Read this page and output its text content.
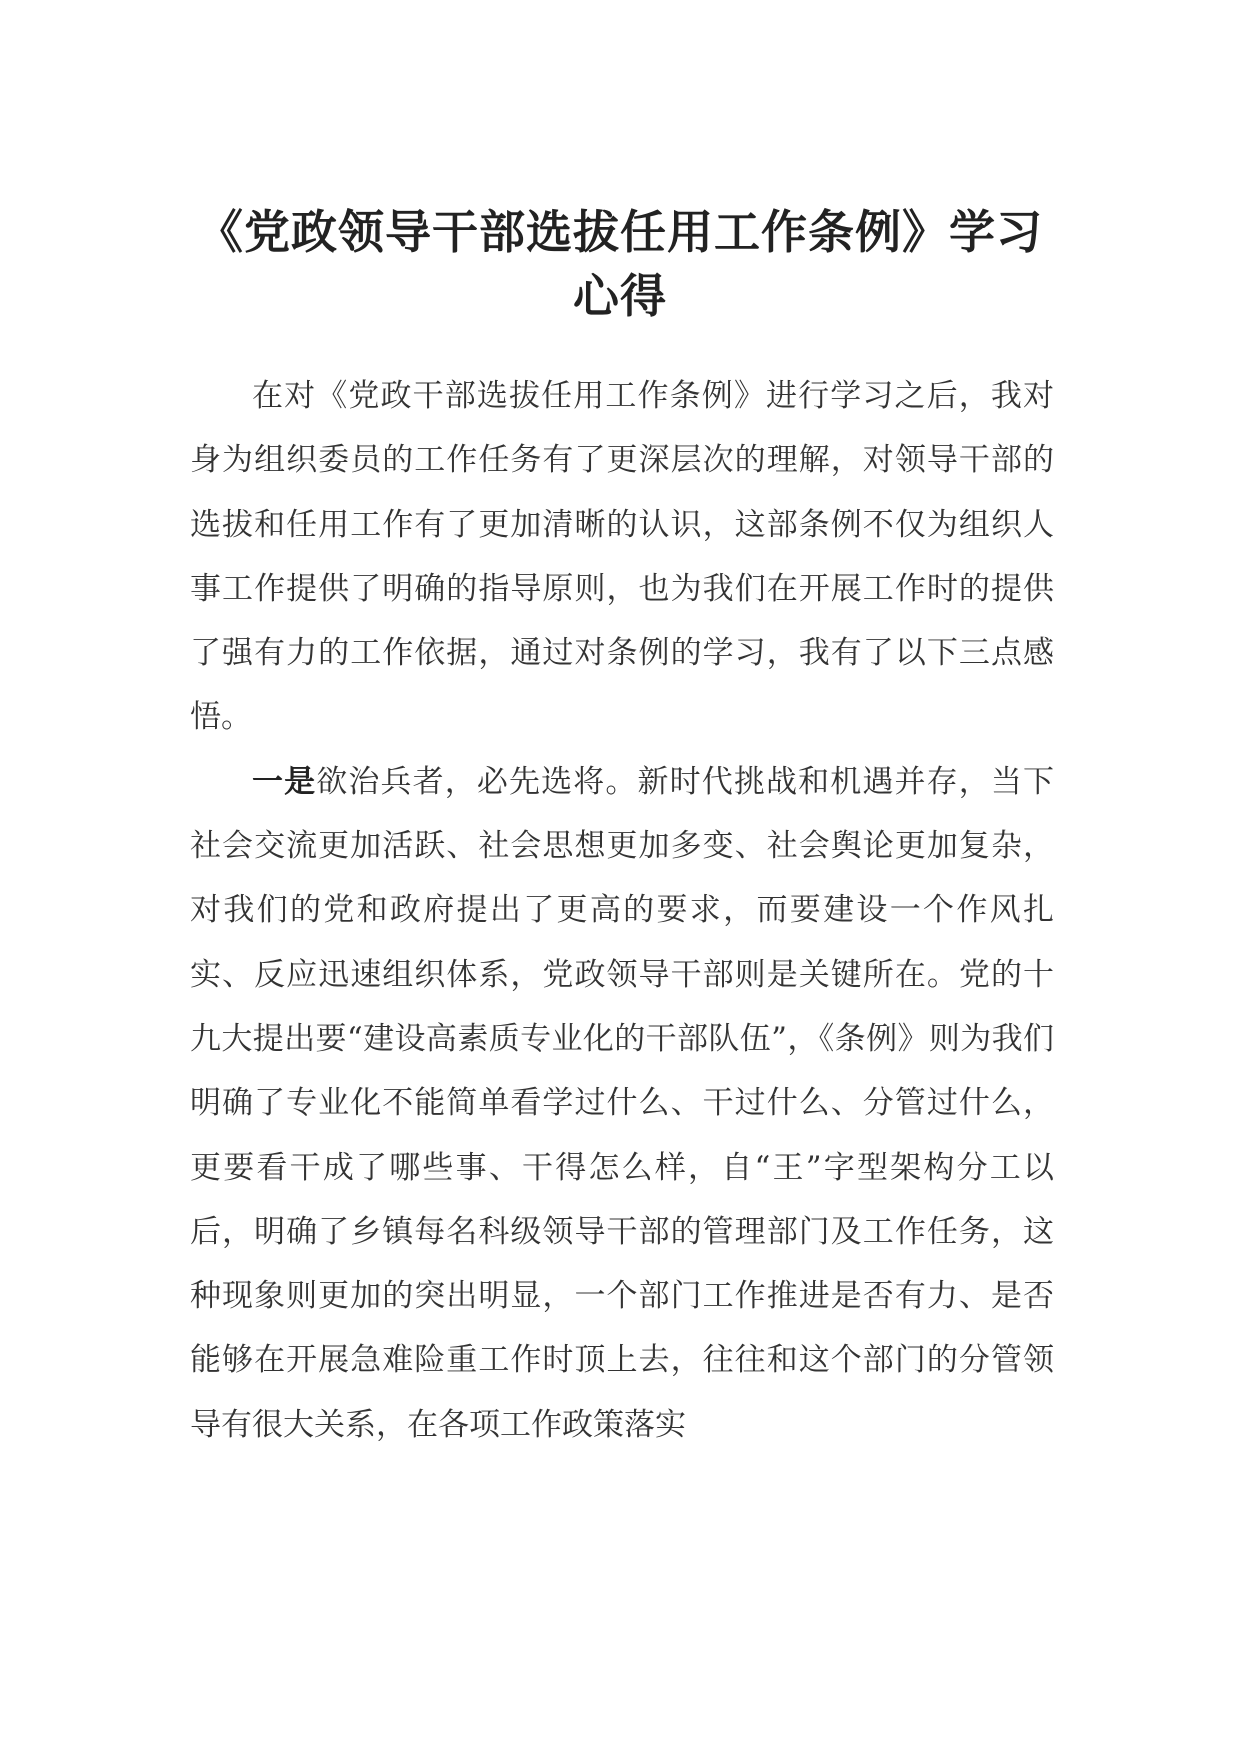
《党政领导干部选拔任用工作条例》学习心得

在对《党政干部选拔任用工作条例》进行学习之后，我对身为组织委员的工作任务有了更深层次的理解，对领导干部的选拔和任用工作有了更加清晰的认识，这部条例不仅为组织人事工作提供了明确的指导原则，也为我们在开展工作时的提供了强有力的工作依据，通过对条例的学习，我有了以下三点感悟。

一是欲治兵者，必先选将。新时代挑战和机遇并存，当下社会交流更加活跃、社会思想更加多变、社会舆论更加复杂，对我们的党和政府提出了更高的要求，而要建设一个作风扎实、反应迅速组织体系，党政领导干部则是关键所在。党的十九大提出要“建设高素质专业化的干部队伍”，《条例》则为我们明确了专业化不能简单看学过什么、干过什么、分管过什么，更要看干成了哪些事、干得怎么样，自“王”字型架构分工以后，明确了乡镇每名科级领导干部的管理部门及工作任务，这种现象则更加的突出明显，一个部门工作推进是否有力、是否能够在开展急难险重工作时顶上去，往往和这个部门的分管领导有很大关系，在各项工作政策落实
